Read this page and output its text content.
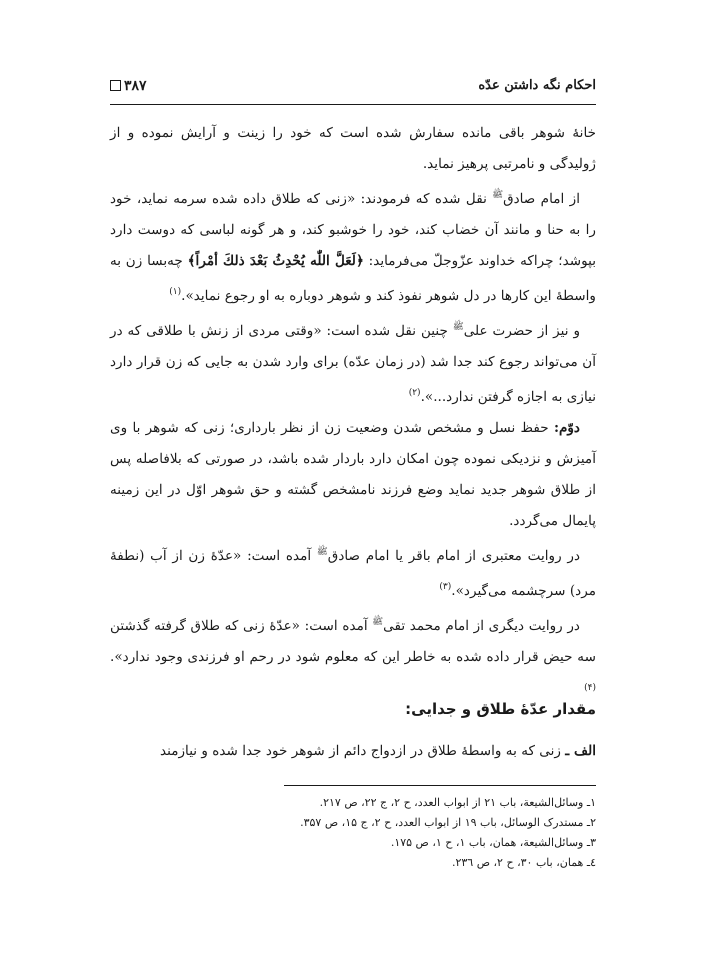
احکام نگه داشتن عدّه
۳۸۷

خانهٔ شوهر باقی مانده سفارش شده است که خود را زینت و آرایش نموده و از ژولیدگی و نامرتبی پرهیز نماید.

از امام صادق$^ﷺ$ نقل شده که فرمودند: «زنی که طلاق داده شده سرمه نماید، خود را به حنا و مانند آن خضاب کند، خود را خوشبو کند، و هر گونه لباسی که دوست دارد بپوشد؛ چراکه خداوند عزّوجلّ می‌فرماید: ﴿لَعَلَّ اللّٰه يُحْدِثُ بَعْدَ ذلكَ أمْراً﴾ چه‌بسا زن به واسطهٔ این کارها در دل شوهر نفوذ کند و شوهر دوباره به او رجوع نماید».$^{(۱)}$

و نیز از حضرت علی$^ﷺ$ چنین نقل شده است: «وقتی مردی از زنش با طلاقی که در آن می‌تواند رجوع کند جدا شد (در زمان عدّه) برای وارد شدن به جایی که زن قرار دارد نیازی به اجازه گرفتن ندارد...».$^{(۲)}$

دوّم: حفظ نسل و مشخص شدن وضعیت زن از نظر بارداری؛ زنی که شوهر با وی آمیزش و نزدیکی نموده چون امکان دارد باردار شده باشد، در صورتی که بلافاصله پس از طلاق شوهر جدید نماید وضع فرزند نامشخص گشته و حق شوهر اوّل در این زمینه پایمال می‌گردد.

در روایت معتبری از امام باقر یا امام صادق$^ﷺ$ آمده است: «عدّهٔ زن از آب (نطفهٔ مرد) سرچشمه می‌گیرد».$^{(۳)}$

در روایت دیگری از امام محمد تقی$^ﷺ$ آمده است: «عدّهٔ زنی که طلاق گرفته گذشتن سه حیض قرار داده شده به خاطر این که معلوم شود در رحم او فرزندی وجود ندارد».$^{(۴)}$

مقدار عدّهٔ طلاق و جدایی:
الف ـ زنی که به واسطهٔ طلاق در ازدواج دائم از شوهر خود جدا شده و نیازمند
۱ـ وسائل‌الشیعة، باب ۲۱ از ابواب العدد، ح ۲، ج ۲۲، ص ۲۱۷.
۲ـ مستدرک الوسائل، باب ۱۹ از ابواب العدد، ح ۲، ج ۱۵، ص ۳۵۷.
۳ـ وسائل‌الشیعة، همان، باب ۱، ح ۱، ص ۱۷۵.
٤ـ همان، باب ۳۰، ح ۲، ص ۲۳٦.
